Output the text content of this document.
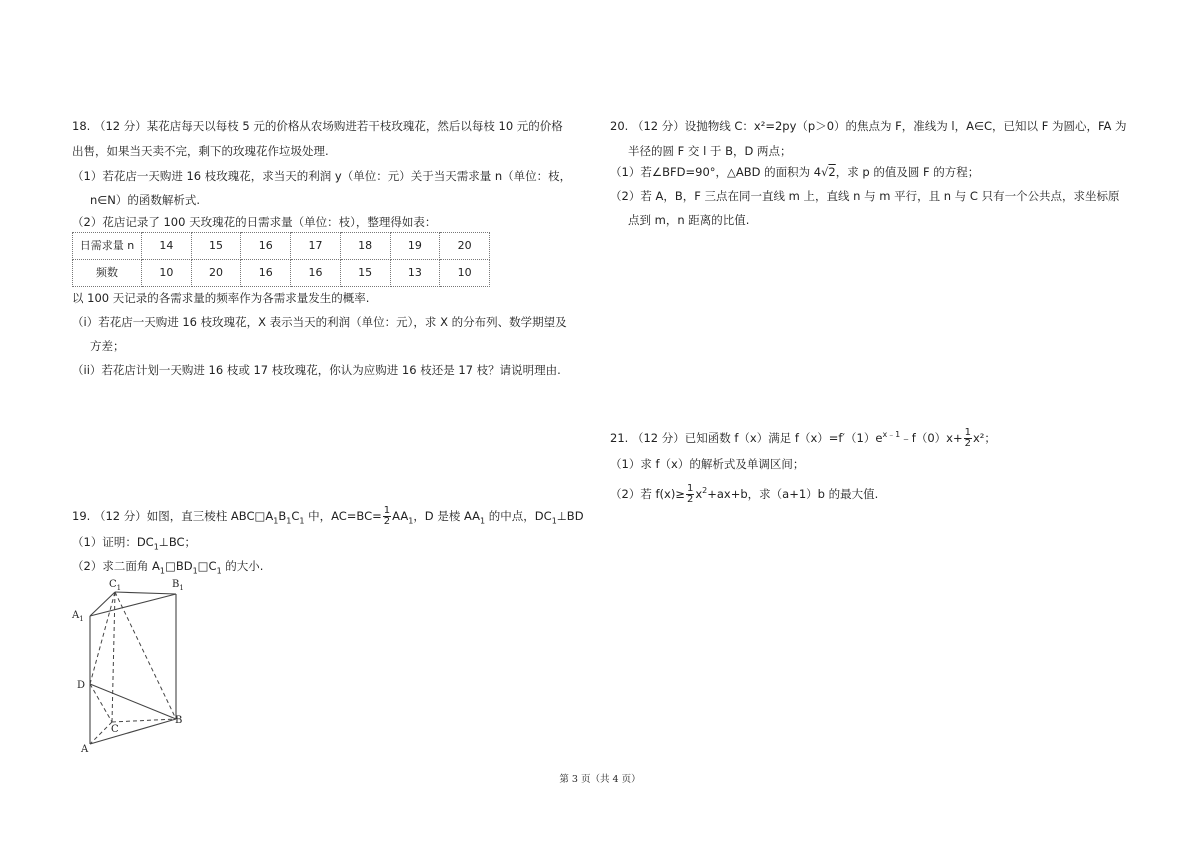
18. （12 分）某花店每天以每枝 5 元的价格从农场购进若干枝玫瑰花，然后以每枝 10 元的价格
出售，如果当天卖不完，剩下的玫瑰花作垃圾处理.
（1）若花店一天购进 16 枝玫瑰花，求当天的利润 y（单位：元）关于当天需求量 n（单位：枝，
n∈N）的函数解析式.
（2）花店记录了 100 天玫瑰花的日需求量（单位：枝），整理得如表：
日需求量 n	14	15	16	17	18	19	20
频数	10	20	16	16	15	13	10
以 100 天记录的各需求量的频率作为各需求量发生的概率.
（i）若花店一天购进 16 枝玫瑰花，X 表示当天的利润（单位：元），求 X 的分布列、数学期望及
方差；
（ii）若花店计划一天购进 16 枝或 17 枝玫瑰花，你认为应购进 16 枝还是 17 枝？请说明理由.
19. （12 分）如图，直三棱柱 $ABC□A_1B_1C_1$ 中，$AC=BC= \frac{1}{2} AA_1$，D 是棱 $AA_1$ 的中点，$DC_1\perp BD$
（1）证明：$DC_1\perp BC$；
（2）求二面角 $A_1□BD_1□C_1$ 的大小.
$C_1$	$B_1$
$A_1$
D
B
C
A
20. （12 分）设抛物线 C：x²=2py（p＞0）的焦点为 F，准线为 l，A∈C，已知以 F 为圆心，FA 为
半径的圆 F 交 l 于 B，D 两点；
（1）若∠BFD=90°，△ABD 的面积为 4√2，求 p 的值及圆 F 的方程；
（2）若 A，B，F 三点在同一直线 m 上，直线 n 与 m 平行，且 n 与 C 只有一个公共点，求坐标原
点到 m，n 距离的比值.
21. （12 分）已知函数 f（x）满足 $f(x)=f'(1)e^{x﹣1}﹣f(0)x+ \frac{1}{2} x^2$；
（1）求 f（x）的解析式及单调区间；
（2）若 $f(x)\ge \frac{1}{2} x^2+ax+b$，求（a+1）b 的最大值.
第 3 页（共 4 页）
